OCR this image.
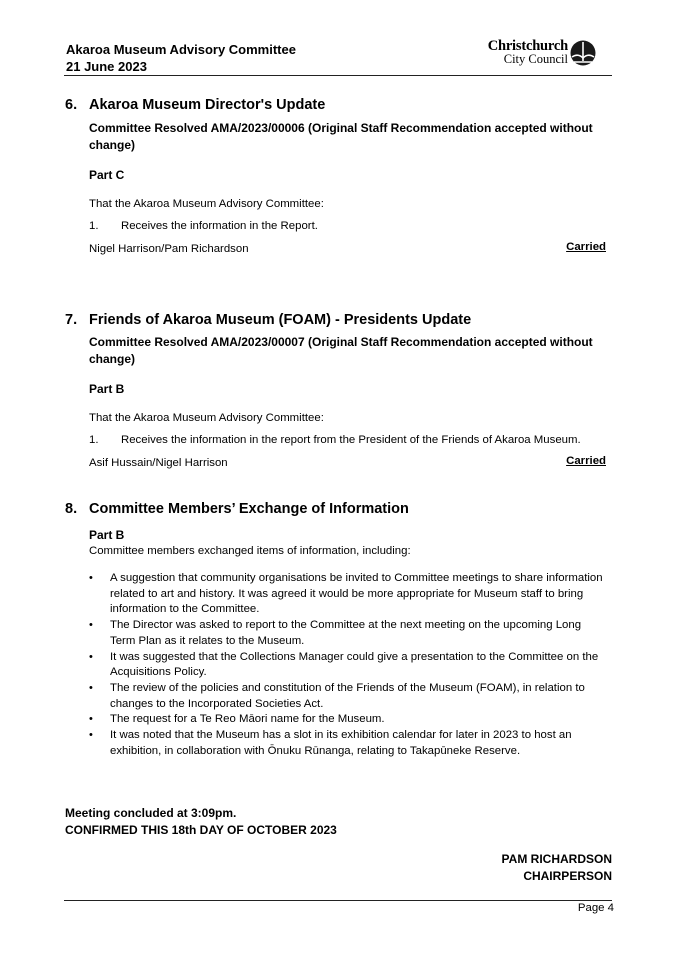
Akaroa Museum Advisory Committee
21 June 2023
Christchurch
City Council
6. Akaroa Museum Director's Update
Committee Resolved AMA/2023/00006 (Original Staff Recommendation accepted without change)
Part C
That the Akaroa Museum Advisory Committee:
1. Receives the information in the Report.
Nigel Harrison/Pam Richardson	Carried
7. Friends of Akaroa Museum (FOAM) - Presidents Update
Committee Resolved AMA/2023/00007 (Original Staff Recommendation accepted without change)
Part B
That the Akaroa Museum Advisory Committee:
1. Receives the information in the report from the President of the Friends of Akaroa Museum.
Asif Hussain/Nigel Harrison	Carried
8. Committee Members’ Exchange of Information
Part B
Committee members exchanged items of information, including:
• A suggestion that community organisations be invited to Committee meetings to share information related to art and history. It was agreed it would be more appropriate for Museum staff to bring information to the Committee.
• The Director was asked to report to the Committee at the next meeting on the upcoming Long Term Plan as it relates to the Museum.
• It was suggested that the Collections Manager could give a presentation to the Committee on the Acquisitions Policy.
• The review of the policies and constitution of the Friends of the Museum (FOAM), in relation to changes to the Incorporated Societies Act.
• The request for a Te Reo Māori name for the Museum.
• It was noted that the Museum has a slot in its exhibition calendar for later in 2023 to host an exhibition, in collaboration with Ōnuku Rūnanga, relating to Takapūneke Reserve.
Meeting concluded at 3:09pm.
CONFIRMED THIS 18th DAY OF OCTOBER 2023
PAM RICHARDSON
CHAIRPERSON
Page 4
